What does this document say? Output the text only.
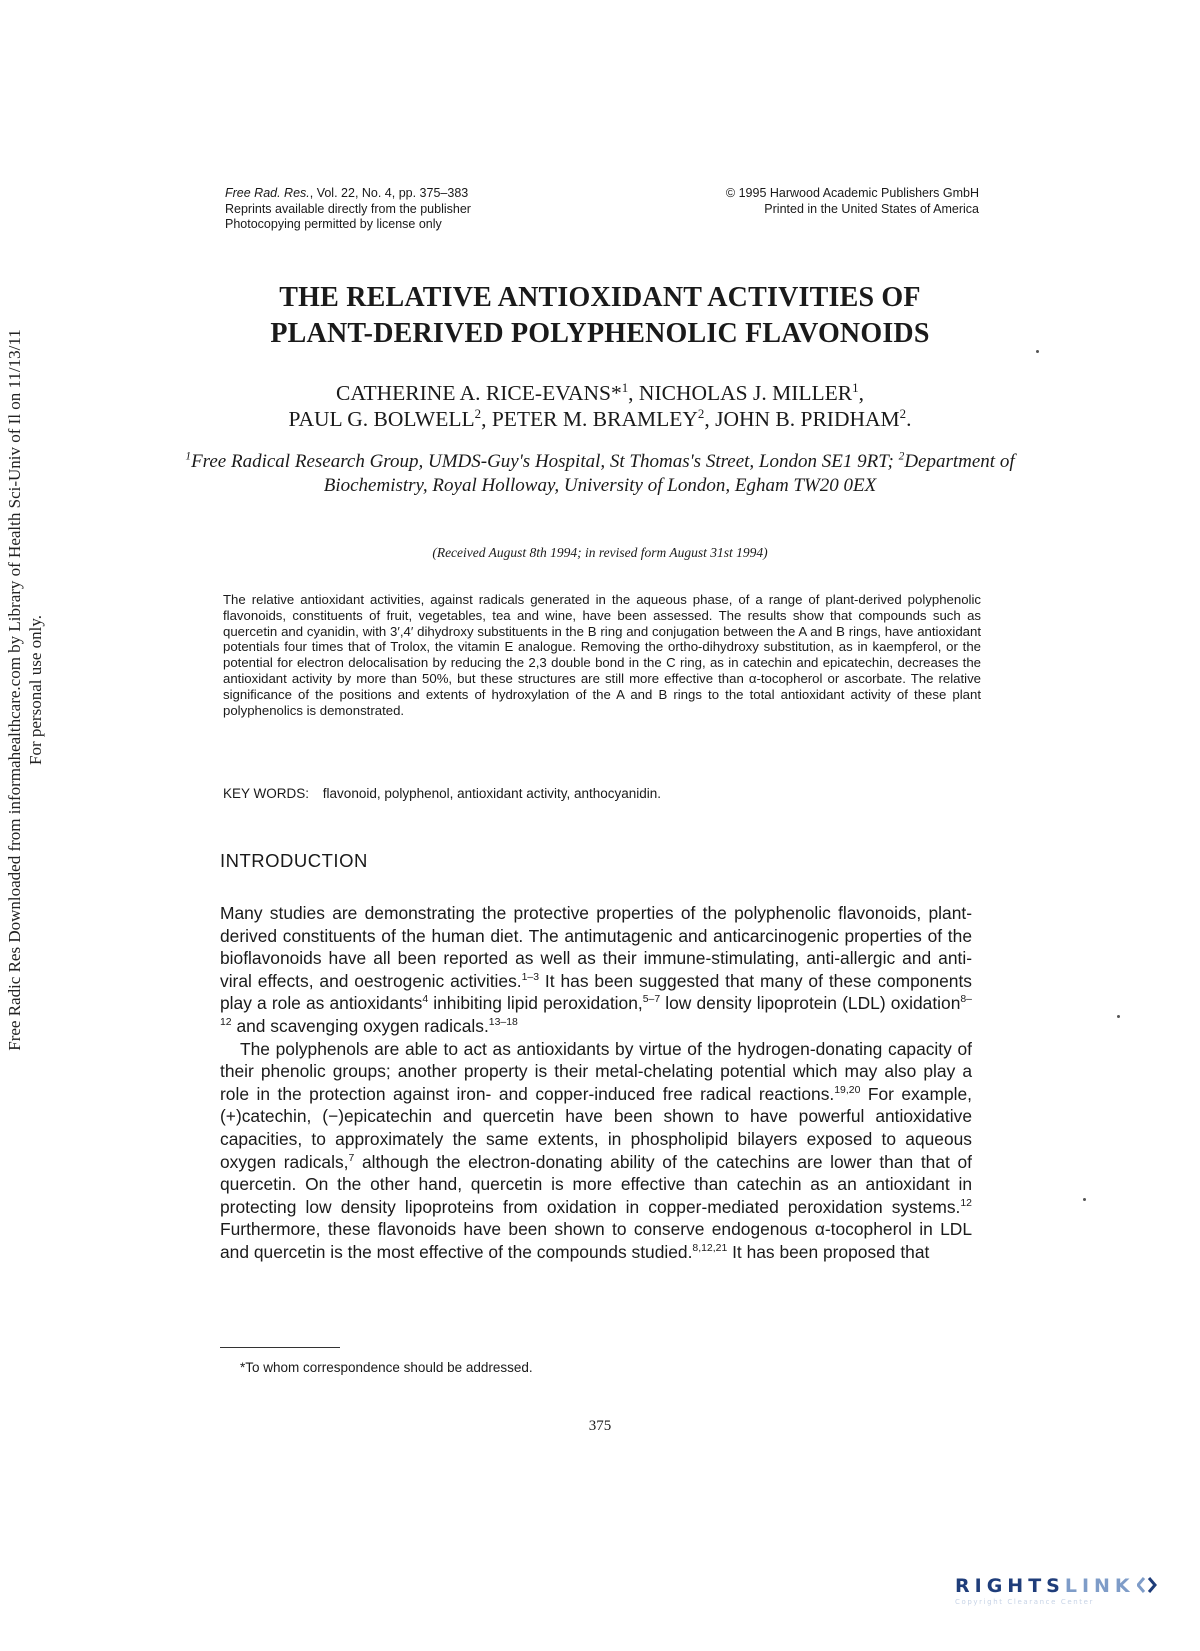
Free Radic Res Downloaded from informahealthcare.com by Library of Health Sci-Univ of Il on 11/13/11 For personal use only.
Free Rad. Res., Vol. 22, No. 4, pp. 375–383
Reprints available directly from the publisher
Photocopying permitted by license only
© 1995 Harwood Academic Publishers GmbH
Printed in the United States of America
THE RELATIVE ANTIOXIDANT ACTIVITIES OF
PLANT-DERIVED POLYPHENOLIC FLAVONOIDS
CATHERINE A. RICE-EVANS*$^1$, NICHOLAS J. MILLER$^1$,
PAUL G. BOLWELL$^2$, PETER M. BRAMLEY$^2$, JOHN B. PRIDHAM$^2$.
$^1$Free Radical Research Group, UMDS-Guy's Hospital, St Thomas's Street, London SE1 9RT; $^2$Department of Biochemistry, Royal Holloway, University of London, Egham TW20 0EX
(Received August 8th 1994; in revised form August 31st 1994)
The relative antioxidant activities, against radicals generated in the aqueous phase, of a range of plant-derived polyphenolic flavonoids, constituents of fruit, vegetables, tea and wine, have been assessed. The results show that compounds such as quercetin and cyanidin, with 3′,4′ dihydroxy substituents in the B ring and conjugation between the A and B rings, have antioxidant potentials four times that of Trolox, the vitamin E analogue. Removing the ortho-dihydroxy substitution, as in kaempferol, or the potential for electron delocalisation by reducing the 2,3 double bond in the C ring, as in catechin and epicatechin, decreases the antioxidant activity by more than 50%, but these structures are still more effective than α-tocopherol or ascorbate. The relative significance of the positions and extents of hydroxylation of the A and B rings to the total antioxidant activity of these plant polyphenolics is demonstrated.
KEY WORDS: flavonoid, polyphenol, antioxidant activity, anthocyanidin.
INTRODUCTION

Many studies are demonstrating the protective properties of the polyphenolic flavonoids, plant-derived constituents of the human diet. The antimutagenic and anticarcinogenic properties of the bioflavonoids have all been reported as well as their immune-stimulating, anti-allergic and anti-viral effects, and oestrogenic activities.$^{1-3}$ It has been suggested that many of these components play a role as antioxidants$^4$ inhibiting lipid peroxidation,$^{5-7}$ low density lipoprotein (LDL) oxidation$^{8-12}$ and scavenging oxygen radicals.$^{13-18}$

The polyphenols are able to act as antioxidants by virtue of the hydrogen-donating capacity of their phenolic groups; another property is their metal-chelating potential which may also play a role in the protection against iron- and copper-induced free radical reactions.$^{19,20}$ For example, (+)catechin, (−)epicatechin and quercetin have been shown to have powerful antioxidative capacities, to approximately the same extents, in phospholipid bilayers exposed to aqueous oxygen radicals,$^7$ although the electron-donating ability of the catechins are lower than that of quercetin. On the other hand, quercetin is more effective than catechin as an antioxidant in protecting low density lipoproteins from oxidation in copper-mediated peroxidation systems.$^{12}$ Furthermore, these flavonoids have been shown to conserve endogenous α-tocopherol in LDL and quercetin is the most effective of the compounds studied.$^{8,12,21}$ It has been proposed that

*To whom correspondence should be addressed.
375
RIGHTSLINK
Copyright Clearance Center
